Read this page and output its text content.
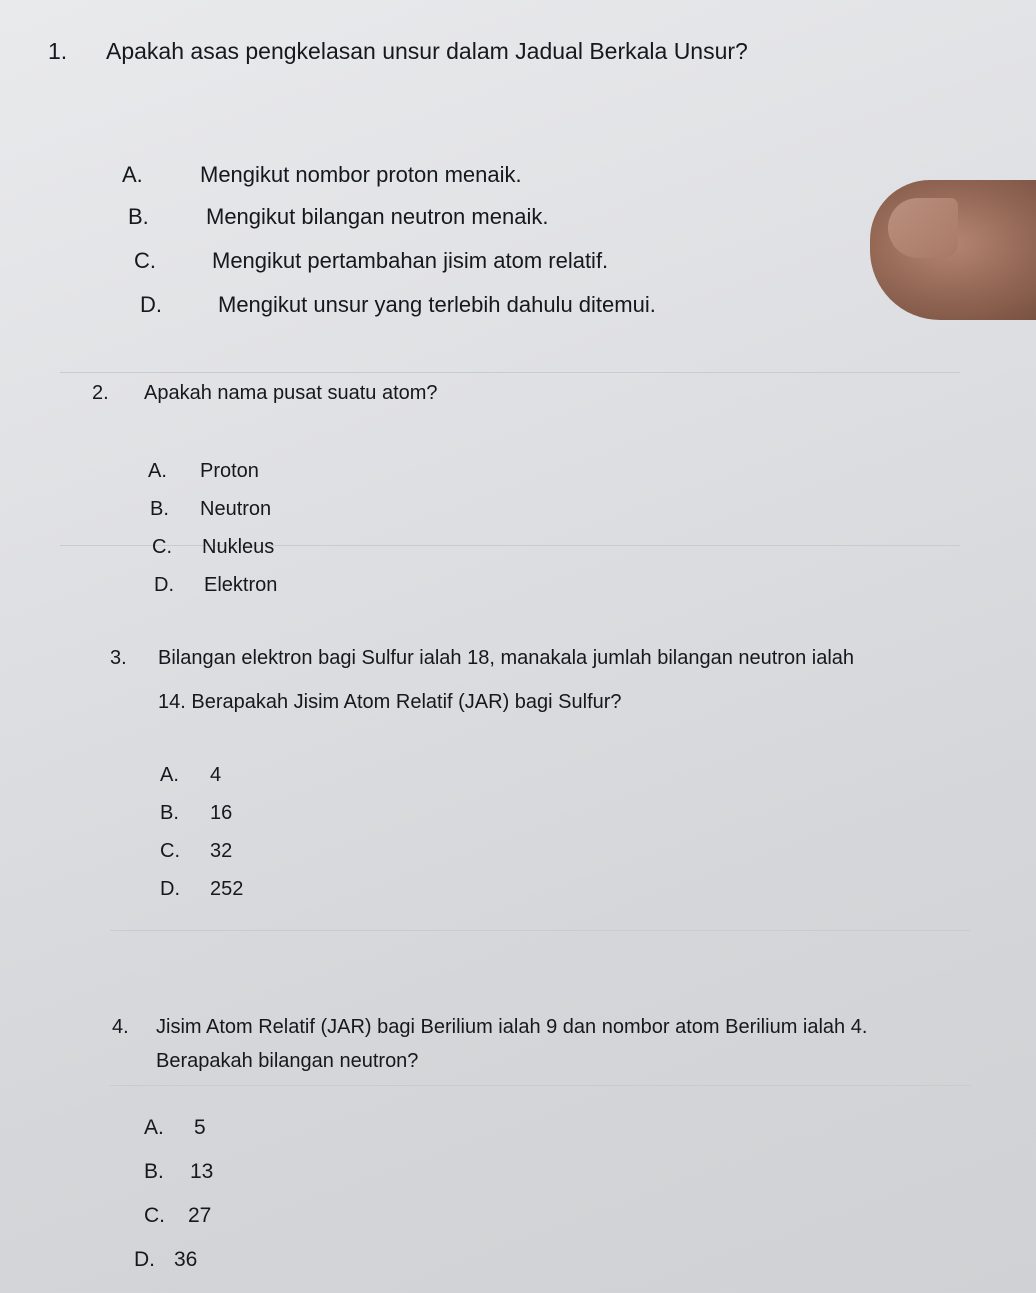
1.	Apakah asas pengkelasan unsur dalam Jadual Berkala Unsur?
A.	Mengikut nombor proton menaik.
B.	Mengikut bilangan neutron menaik.
C.	Mengikut pertambahan jisim atom relatif.
D.	Mengikut unsur yang terlebih dahulu ditemui.
2.	Apakah nama pusat suatu atom?
A.	Proton
B.	Neutron
C.	Nukleus
D.	Elektron
3.	Bilangan elektron bagi Sulfur ialah 18, manakala jumlah bilangan neutron ialah
14. Berapakah Jisim Atom Relatif (JAR) bagi Sulfur?
A.	4
B.	16
C.	32
D.	252
4.	Jisim Atom Relatif (JAR) bagi Berilium ialah 9 dan nombor atom Berilium ialah 4.
Berapakah bilangan neutron?
A.	5
B.	13
C.	27
D. 36
